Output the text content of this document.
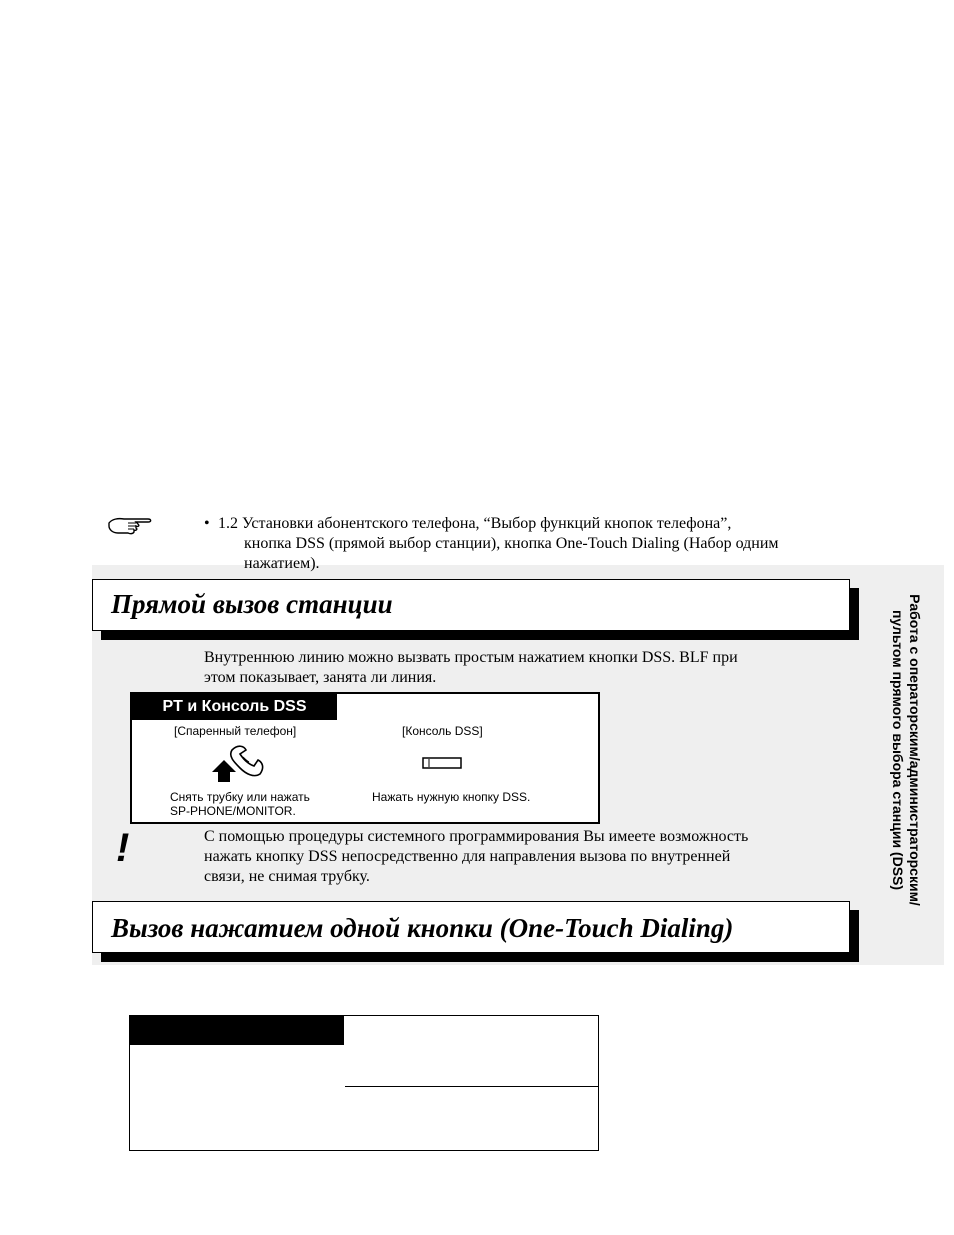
• 1.2 Установки абонентского телефона, “Выбор функций кнопок телефона”,
кнопка DSS (прямой выбор станции), кнопка One-Touch Dialing (Набор одним
нажатием).
Прямой вызов станции
Внутреннюю линию можно вызвать простым нажатием кнопки DSS. BLF при
этом показывает, занята ли линия.
PT и Консоль DSS
[Спаренный телефон]	[Консоль DSS]
Снять трубку или нажать
SP-PHONE/MONITOR.
Нажать нужную кнопку DSS.
!	С помощью процедуры системного программирования Вы имеете возможность
нажать кнопку DSS непосредственно для направления вызова по внутренней
связи, не снимая трубку.
Вызов нажатием одной кнопки (One-Touch Dialing)
Работа с операторским/администраторским/
пультом прямого выбора станции (DSS)
